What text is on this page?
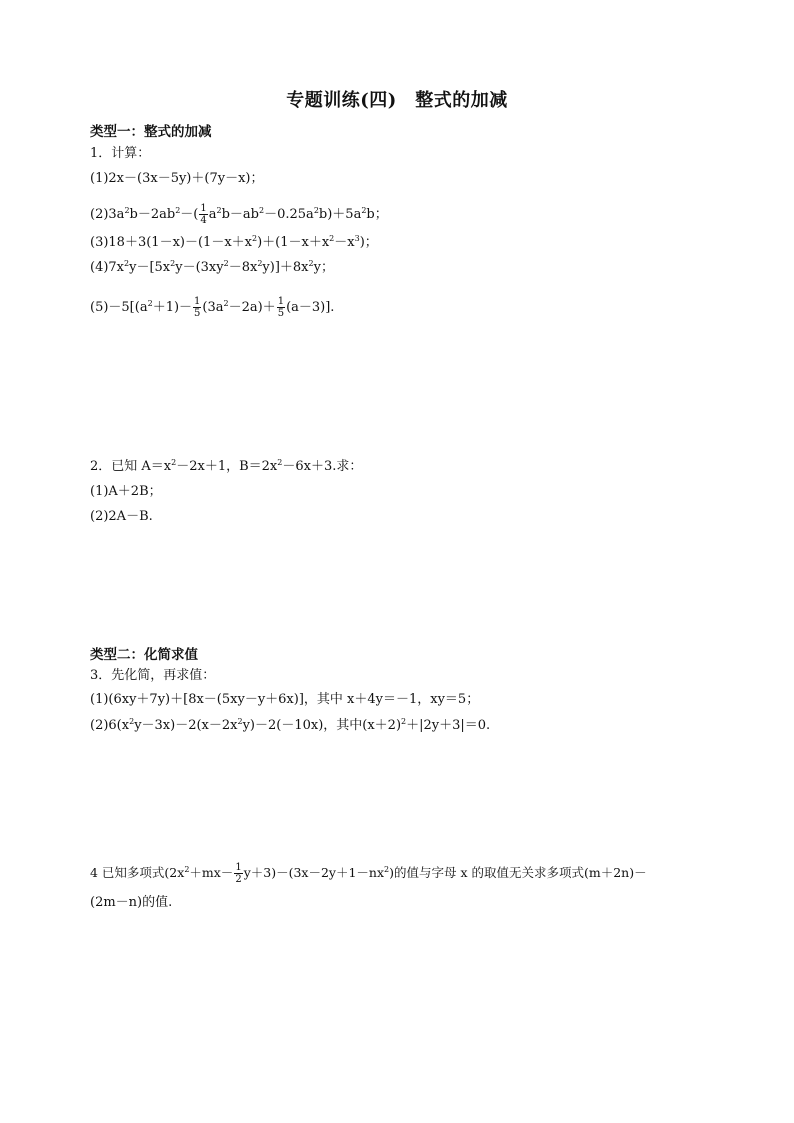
专题训练(四)　整式的加减
类型一：整式的加减
1．计算：
(1)2x－(3x－5y)＋(7y－x)；
$(2)3a^2b-2ab^2-( \frac{1}{4} a^2b-ab^2-0.25a^2b)+5a^2b$；
$(3)18+3(1-x)-(1-x+x^2)+(1-x+x^2-x^3)$；
$(4)7x^2y-[5x^2y-(3xy^2-8x^2y)]+8x^2y$；
$(5)-5[(a^2+1)- \frac{1}{5} (3a^2-2a)+ \frac{1}{5} (a-3)]$.
2．已知 $A=x^2-2x+1$，$B=2x^2-6x+3$.求：
(1)A＋2B；
(2)2A－B.
类型二：化简求值
3．先化简，再求值：
(1)(6xy＋7y)＋[8x－(5xy－y＋6x)]，其中 x＋4y＝－1，xy＝5；
$(2)6(x^2y-3x)-2(x-2x^2y)-2(-10x)$，其中$(x+2)^2+|2y+3|=0$.
4 已知多项式$(2x^2+mx- \frac{1}{2} y+3)-(3x-2y+1-nx^2)$的值与字母 x 的取值无关求多项式(m＋2n)－
(2m－n)的值.
